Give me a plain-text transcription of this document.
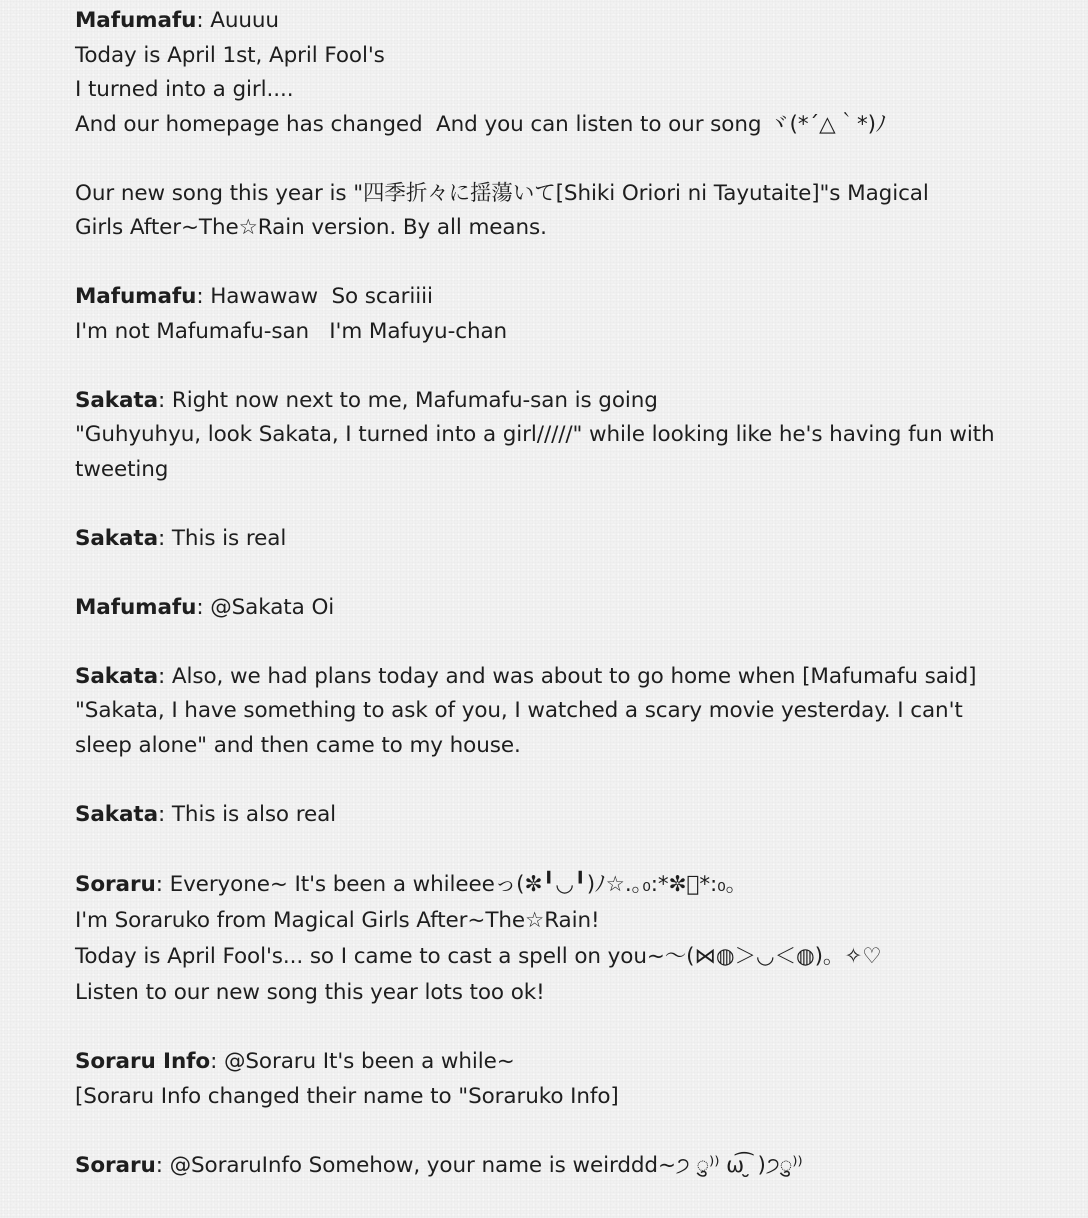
Mafumafu: Auuuu
Today is April 1st, April Fool's
I turned into a girl....
And our homepage has changed  And you can listen to our song ヾ(*´△｀*)ﾉ
Our new song this year is "四季折々に揺蕩いて[Shiki Oriori ni Tayutaite]"s Magical
Girls After~The☆Rain version. By all means.
Mafumafu: Hawawaw  So scariiii
I'm not Mafumafu-san   I'm Mafuyu-chan
Sakata: Right now next to me, Mafumafu-san is going
"Guhyuhyu, look Sakata, I turned into a girl/////" while looking like he's having fun with
tweeting
Sakata: This is real
Mafumafu: @Sakata Oi
Sakata: Also, we had plans today and was about to go home when [Mafumafu said]
"Sakata, I have something to ask of you, I watched a scary movie yesterday. I can't
sleep alone" and then came to my house.
Sakata: This is also real
Soraru: Everyone~ It's been a whileeeっ(✼╹◡╹)ﾉ☆.｡₀:*✼ﾟ*:₀｡
I'm Soraruko from Magical Girls After~The☆Rain!
Today is April Fool's... so I came to cast a spell on you~～(⋈◍＞◡＜◍)。✧♡
Listen to our new song this year lots too ok!
Soraru Info: @Soraru It's been a while~
[Soraru Info changed their name to "Soraruko Info]
Soraru: @SoraruInfo Somehow, your name is weirddd~੭ ु⁾⁾ ω͡ ̮ )੭ु⁾⁾
